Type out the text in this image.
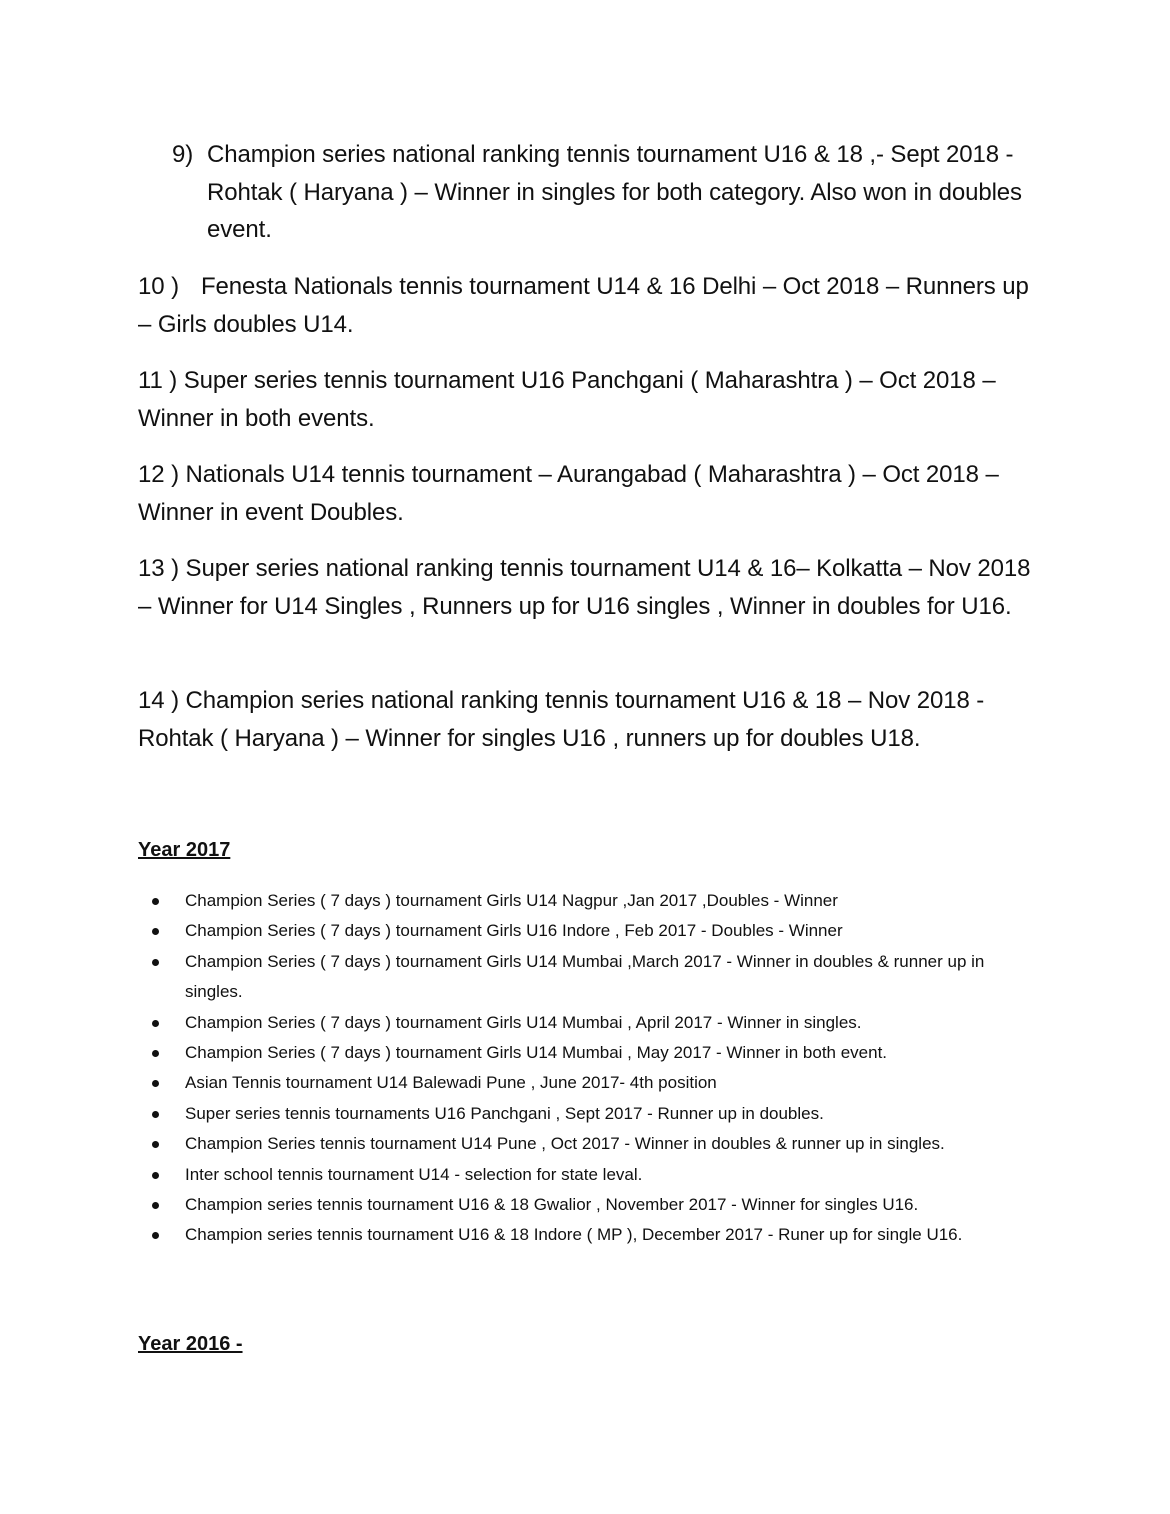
9) Champion series national ranking tennis tournament U16 & 18 ,- Sept 2018 - Rohtak ( Haryana ) – Winner in singles for both category. Also won in doubles event.
10 ) Fenesta Nationals tennis tournament U14 & 16 Delhi – Oct 2018 – Runners up – Girls doubles U14.
11 ) Super series tennis tournament U16 Panchgani ( Maharashtra ) – Oct 2018 – Winner in both events.
12 ) Nationals U14 tennis tournament – Aurangabad ( Maharashtra ) – Oct 2018 – Winner in event Doubles.
13 ) Super series national ranking tennis tournament U14 & 16– Kolkatta – Nov 2018 – Winner for U14 Singles , Runners up for U16 singles , Winner in doubles for U16.
14 ) Champion series national ranking tennis tournament U16 & 18 – Nov 2018 - Rohtak ( Haryana ) – Winner for singles U16 , runners up for doubles U18.
Year 2017
Champion Series ( 7 days ) tournament Girls U14 Nagpur ,Jan 2017 ,Doubles - Winner
Champion Series ( 7 days ) tournament Girls U16 Indore , Feb 2017 - Doubles - Winner
Champion Series ( 7 days ) tournament Girls U14 Mumbai ,March 2017 - Winner in doubles & runner up in singles.
Champion Series ( 7 days ) tournament Girls U14 Mumbai , April 2017 - Winner in singles.
Champion Series ( 7 days ) tournament Girls U14 Mumbai , May 2017 - Winner in both event.
Asian Tennis tournament U14 Balewadi Pune , June 2017- 4th position
Super series tennis tournaments U16 Panchgani , Sept 2017 - Runner up in doubles.
Champion Series tennis tournament U14 Pune , Oct 2017 - Winner in doubles & runner up in singles.
Inter school tennis tournament U14 - selection for state leval.
Champion series tennis tournament U16 & 18 Gwalior , November 2017 - Winner for singles U16.
Champion series tennis tournament U16 & 18 Indore ( MP ), December 2017 - Runer up for single U16.
Year 2016 -
